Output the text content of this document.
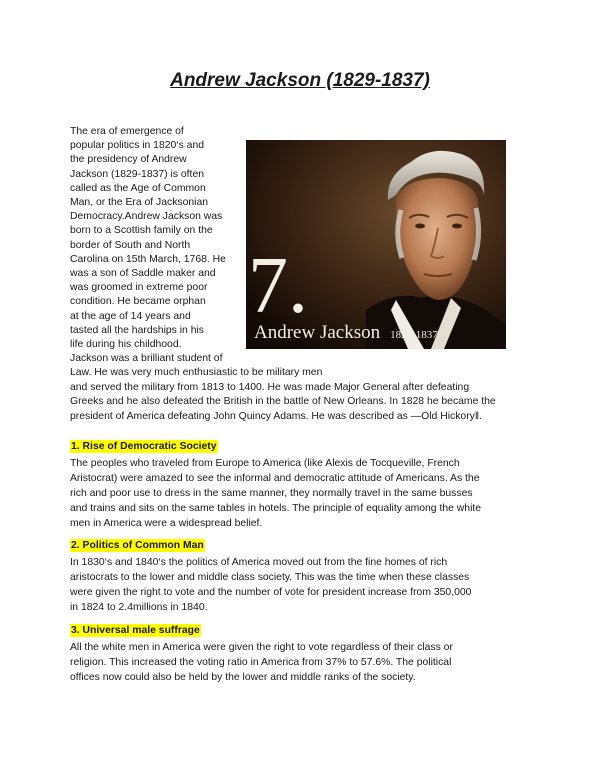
Andrew Jackson (1829-1837)
The era of emergence of
popular politics in 1820‘s and
the presidency of Andrew
Jackson (1829-1837) is often
called as the Age of Common
Man, or the Era of Jacksonian
Democracy.Andrew Jackson was
born to a Scottish family on the
border of South and North
Carolina on 15th March, 1768. He
was a son of Saddle maker and
was groomed in extreme poor
condition. He became orphan
at the age of 14 years and
tasted all the hardships in his
life during his childhood.
Jackson was a brilliant student of
7.
Andrew Jackson 1829-1837
Law. He was very much enthusiastic to be military men
and served the military from 1813 to 1400. He was made Major General after defeating
Greeks and he also defeated the British in the battle of New Orleans. In 1828 he became the
president of America defeating John Quincy Adams. He was described as ―Old Hickoryǁ.
1. Rise of Democratic Society
The peoples who traveled from Europe to America (like Alexis de Tocqueville, French
Aristocrat) were amazed to see the informal and democratic attitude of Americans. As the
rich and poor use to dress in the same manner, they normally travel in the same busses
and trains and sits on the same tables in hotels. The principle of equality among the white
men in America were a widespread belief.
2. Politics of Common Man
In 1830‘s and 1840‘s the politics of America moved out from the fine homes of rich
aristocrats to the lower and middle class society. This was the time when these classes
were given the right to vote and the number of vote for president increase from 350,000
in 1824 to 2.4millions in 1840.
3. Universal male suffrage
All the white men in America were given the right to vote regardless of their class or
religion. This increased the voting ratio in America from 37% to 57.6%. The political
offices now could also be held by the lower and middle ranks of the society.
